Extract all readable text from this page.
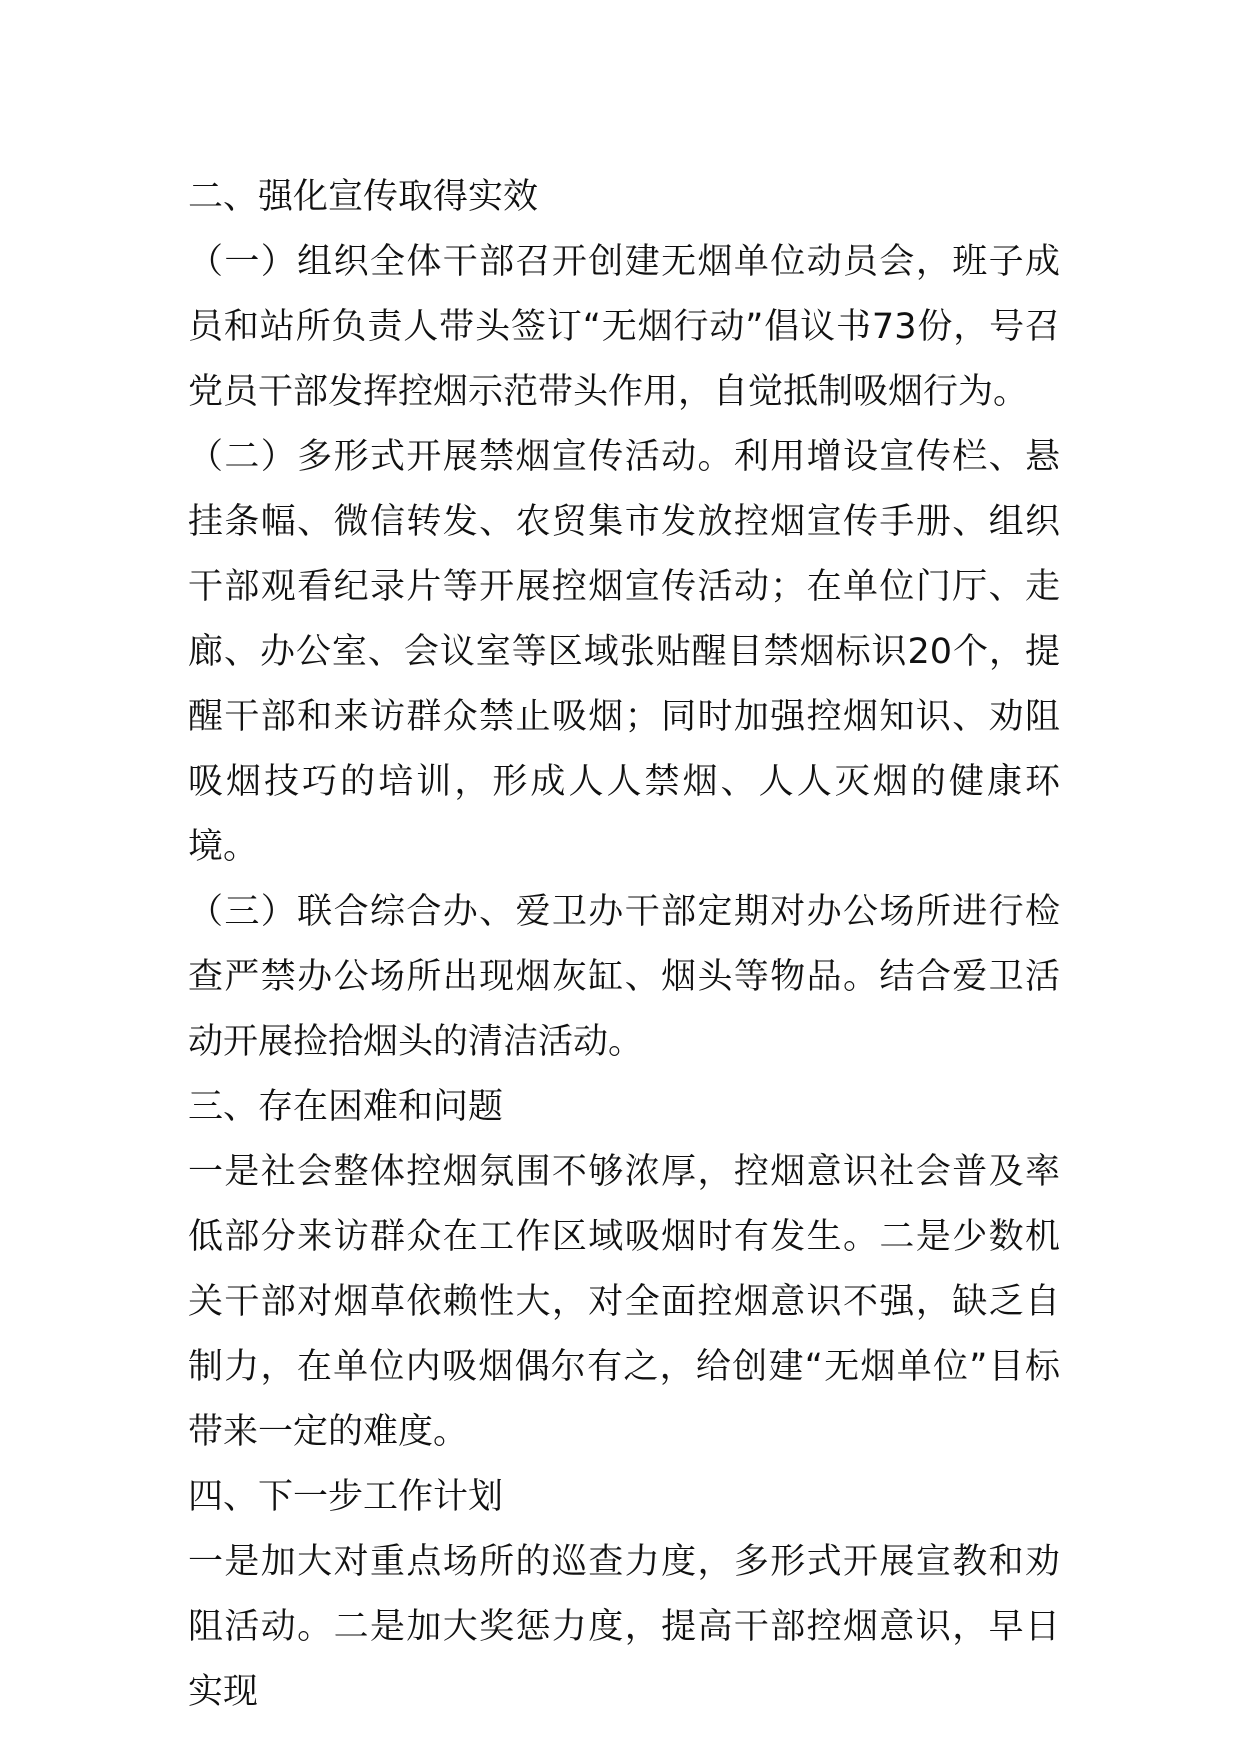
二、强化宣传取得实效

（一）组织全体干部召开创建无烟单位动员会，班子成员和站所负责人带头签订“无烟行动”倡议书73份，号召党员干部发挥控烟示范带头作用，自觉抵制吸烟行为。

（二）多形式开展禁烟宣传活动。利用增设宣传栏、悬挂条幅、微信转发、农贸集市发放控烟宣传手册、组织干部观看纪录片等开展控烟宣传活动；在单位门厅、走廊、办公室、会议室等区域张贴醒目禁烟标识20个，提醒干部和来访群众禁止吸烟；同时加强控烟知识、劝阻吸烟技巧的培训，形成人人禁烟、人人灭烟的健康环境。

（三）联合综合办、爱卫办干部定期对办公场所进行检查严禁办公场所出现烟灰缸、烟头等物品。结合爱卫活动开展捡拾烟头的清洁活动。

三、存在困难和问题

一是社会整体控烟氛围不够浓厚，控烟意识社会普及率低部分来访群众在工作区域吸烟时有发生。二是少数机关干部对烟草依赖性大，对全面控烟意识不强，缺乏自制力，在单位内吸烟偶尔有之，给创建“无烟单位”目标带来一定的难度。

四、下一步工作计划

一是加大对重点场所的巡查力度，多形式开展宣教和劝阻活动。二是加大奖惩力度，提高干部控烟意识，早日实现
